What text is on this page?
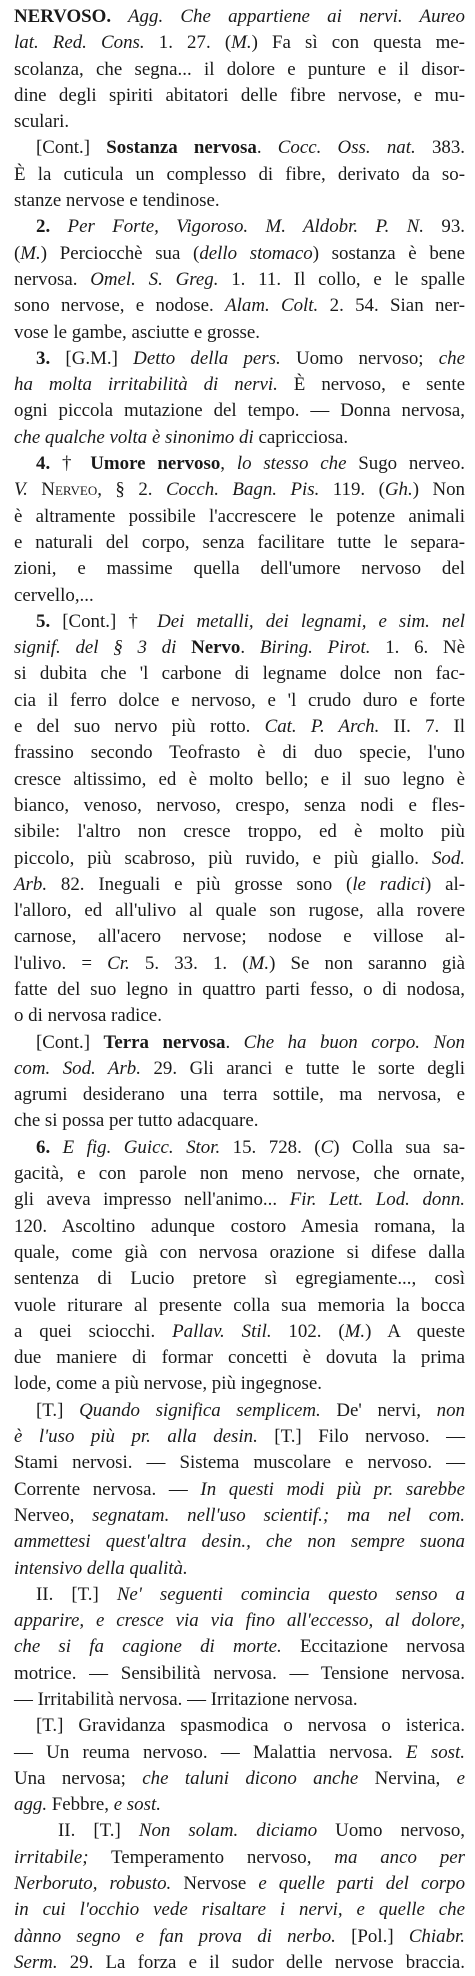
NERVOSO. Agg. Che appartiene ai nervi. Aureo
lat. Red. Cons. 1. 27. (M.) Fa sì con questa me-
scolanza, che segna... il dolore e punture e il disor-
dine degli spiriti abitatori delle fibre nervose, e mu-
sculari.
[Cont.] Sostanza nervosa. Cocc. Oss. nat. 383.
È la cuticula un complesso di fibre, derivato da so-
stanze nervose e tendinose.
2. Per Forte, Vigoroso. M. Aldobr. P. N. 93.
(M.) Perciocchè sua (dello stomaco) sostanza è bene
nervosa. Omel. S. Greg. 1. 11. Il collo, e le spalle
sono nervose, e nodose. Alam. Colt. 2. 54. Sian ner-
vose le gambe, asciutte e grosse.
3. [G.M.] Detto della pers. Uomo nervoso; che
ha molta irritabilità di nervi. È nervoso, e sente
ogni piccola mutazione del tempo. — Donna nervosa,
che qualche volta è sinonimo di capricciosa.
4. † Umore nervoso, lo stesso che Sugo nerveo.
V. Nerveo, § 2. Cocch. Bagn. Pis. 119. (Gh.) Non
è altramente possibile l'accrescere le potenze animali
e naturali del corpo, senza facilitare tutte le separa-
zioni, e massime quella dell'umore nervoso del
cervello,...
5. [Cont.] † Dei metalli, dei legnami, e sim. nel
signif. del § 3 di Nervo. Biring. Pirot. 1. 6. Nè
si dubita che 'l carbone di legname dolce non fac-
cia il ferro dolce e nervoso, e 'l crudo duro e forte
e del suo nervo più rotto. Cat. P. Arch. II. 7. Il
frassino secondo Teofrasto è di duo specie, l'uno
cresce altissimo, ed è molto bello; e il suo legno è
bianco, venoso, nervoso, crespo, senza nodi e fles-
sibile: l'altro non cresce troppo, ed è molto più
piccolo, più scabroso, più ruvido, e più giallo. Sod.
Arb. 82. Ineguali e più grosse sono (le radici) al-
l'alloro, ed all'ulivo al quale son rugose, alla rovere
carnose, all'acero nervose; nodose e villose al-
l'ulivo. = Cr. 5. 33. 1. (M.) Se non saranno già
fatte del suo legno in quattro parti fesso, o di nodosa,
o di nervosa radice.
[Cont.] Terra nervosa. Che ha buon corpo. Non
com. Sod. Arb. 29. Gli aranci e tutte le sorte degli
agrumi desiderano una terra sottile, ma nervosa, e
che si possa per tutto adacquare.
6. E fig. Guicc. Stor. 15. 728. (C) Colla sua sa-
gacità, e con parole non meno nervose, che ornate,
gli aveva impresso nell'animo... Fir. Lett. Lod. donn.
120. Ascoltino adunque costoro Amesia romana, la
quale, come già con nervosa orazione si difese dalla
sentenza di Lucio pretore sì egregiamente..., così
vuole riturare al presente colla sua memoria la bocca
a quei sciocchi. Pallav. Stil. 102. (M.) A queste
due maniere di formar concetti è dovuta la prima
lode, come a più nervose, più ingegnose.
[T.] Quando significa semplicem. De' nervi, non
è l'uso più pr. alla desin. [T.] Filo nervoso. —
Stami nervosi. — Sistema muscolare e nervoso. —
Corrente nervosa. — In questi modi più pr. sarebbe
Nerveo, segnatam. nell'uso scientif.; ma nel com.
ammettesi quest'altra desin., che non sempre suona
intensivo della qualità.
II. [T.] Ne' seguenti comincia questo senso a
apparire, e cresce via via fino all'eccesso, al dolore,
che si fa cagione di morte. Eccitazione nervosa
motrice. — Sensibilità nervosa. — Tensione nervosa.
— Irritabilità nervosa. — Irritazione nervosa.
[T.] Gravidanza spasmodica o nervosa o isterica.
— Un reuma nervoso. — Malattia nervosa. E sost.
Una nervosa; che taluni dicono anche Nervina, e
agg. Febbre, e sost.
II. [T.] Non solam. diciamo Uomo nervoso,
irritabile; Temperamento nervoso, ma anco per
Nerboruto, robusto. Nervose e quelle parti del corpo
in cui l'occhio vede risaltare i nervi, e quelle che
dànno segno e fan prova di nerbo. [Pol.] Chiabr.
Serm. 29. La forza e il sudor delle nervose braccia.
